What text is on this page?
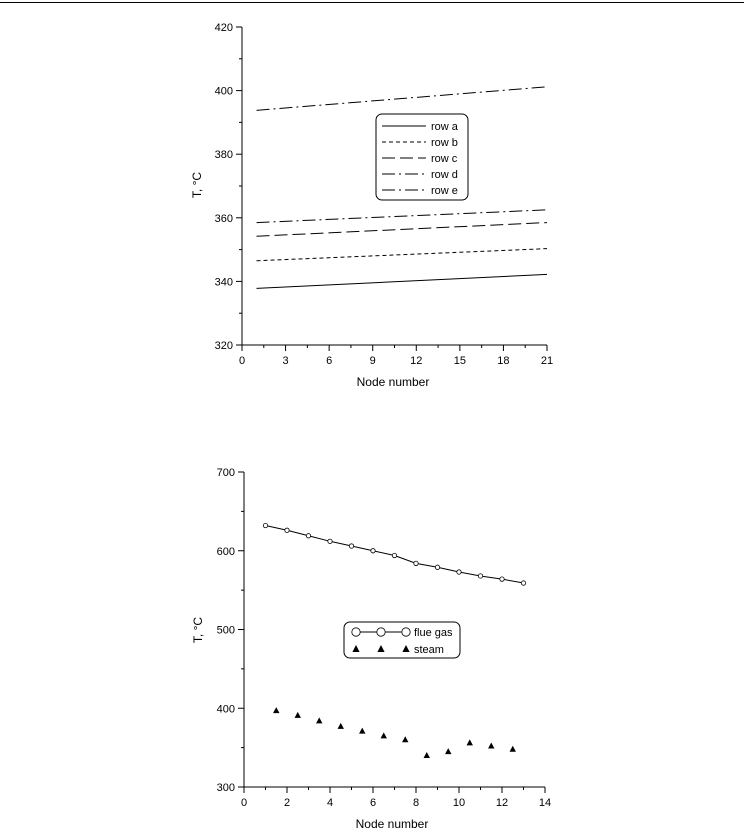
0	3	6	9	12	15	18	21
320
340
360
380
400
420
Node number
T, °C
row a
row b
row c
row d
row e
0	2	4	6	8	10	12	14
300
400
500
600
700
Node number
T, °C	flue gas
steam
